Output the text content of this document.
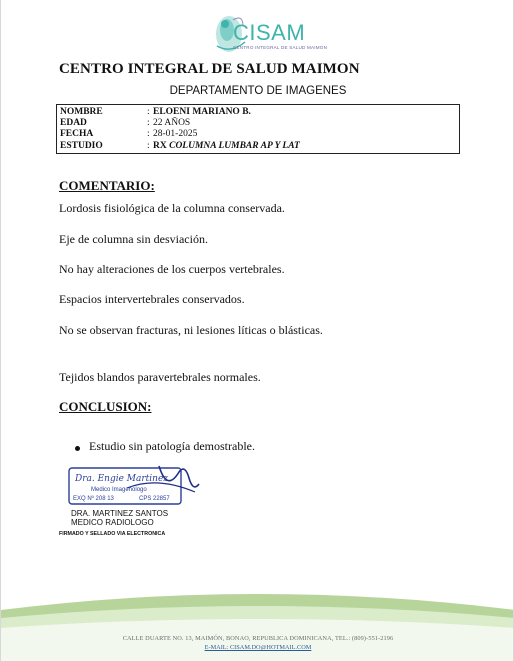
CISAM
CENTRO INTEGRAL DE SALUD MAIMON
CENTRO INTEGRAL DE SALUD MAIMON
DEPARTAMENTO DE IMAGENES
NOMBRE	: ELOENI MARIANO B.
EDAD	: 22 AÑOS
FECHA	: 28-01-2025
ESTUDIO	: RX COLUMNA LUMBAR AP Y LAT
COMENTARIO:
Lordosis fisiológica de la columna conservada.
Eje de columna sin desviación.
No hay alteraciones de los cuerpos vertebrales.
Espacios intervertebrales conservados.
No se observan fracturas, ni lesiones líticas o blásticas.
Tejidos blandos paravertebrales normales.
CONCLUSION:
Estudio sin patología demostrable.
Dra. Engie Martinez
Medico Imagenologo
EXQ Nº 208 13	CPS 22857
DRA. MARTINEZ SANTOS
MEDICO RADIOLOGO
FIRMADO Y SELLADO VIA ELECTRONICA
CALLE DUARTE NO. 13, MAIMÓN, BONAO, REPUBLICA DOMINICANA, TEL.: (809)-551-2196
E-MAIL: CISAM.DO@HOTMAIL.COM
